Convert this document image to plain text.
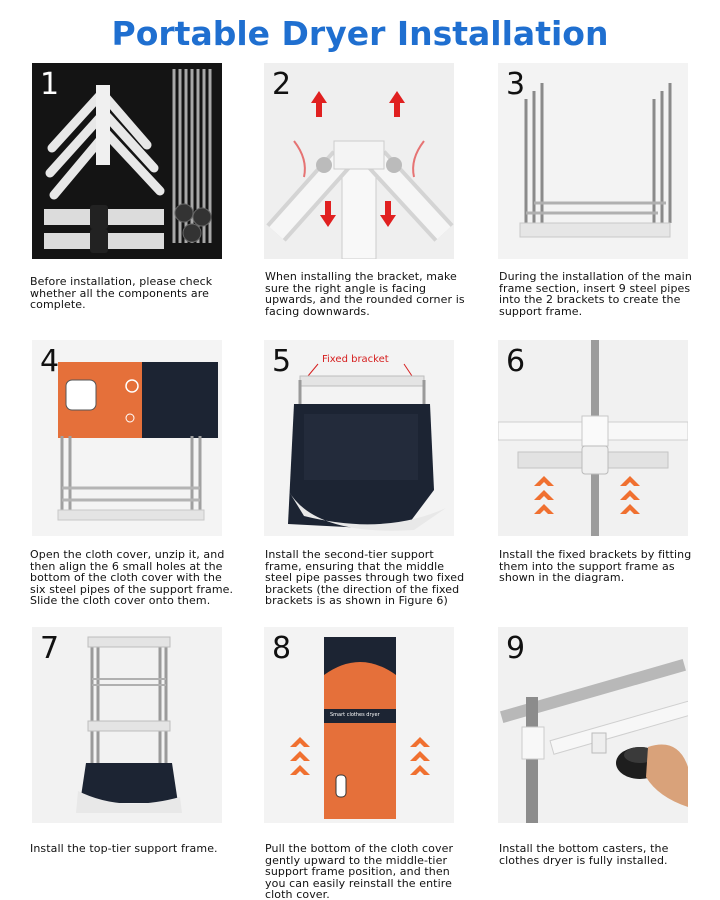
Portable Dryer Installation
1
Before installation, please check whether all the components are complete.
2
When installing the bracket, make sure the right angle is facing upwards, and the rounded corner is facing downwards.
3
During the installation of the main frame section, insert 9 steel pipes into the 2 brackets to create the support frame.
4
Open the cloth cover, unzip it, and then align the 6 small holes at the bottom of the cloth cover with the six steel pipes of the support frame. Slide the cloth cover onto them.
Fixed bracket
5
Install the second-tier support frame, ensuring that the middle steel pipe passes through two fixed brackets (the direction of the fixed brackets is as shown in Figure 6)
6
Install the fixed brackets by fitting them into the support frame as shown in the diagram.
7
Install the top-tier support frame.
Smart clothes dryer
8
Pull the bottom of the cloth cover gently upward to the middle-tier support frame position, and then you can easily reinstall the entire cloth cover.
9
Install the bottom casters, the clothes dryer is fully installed.
